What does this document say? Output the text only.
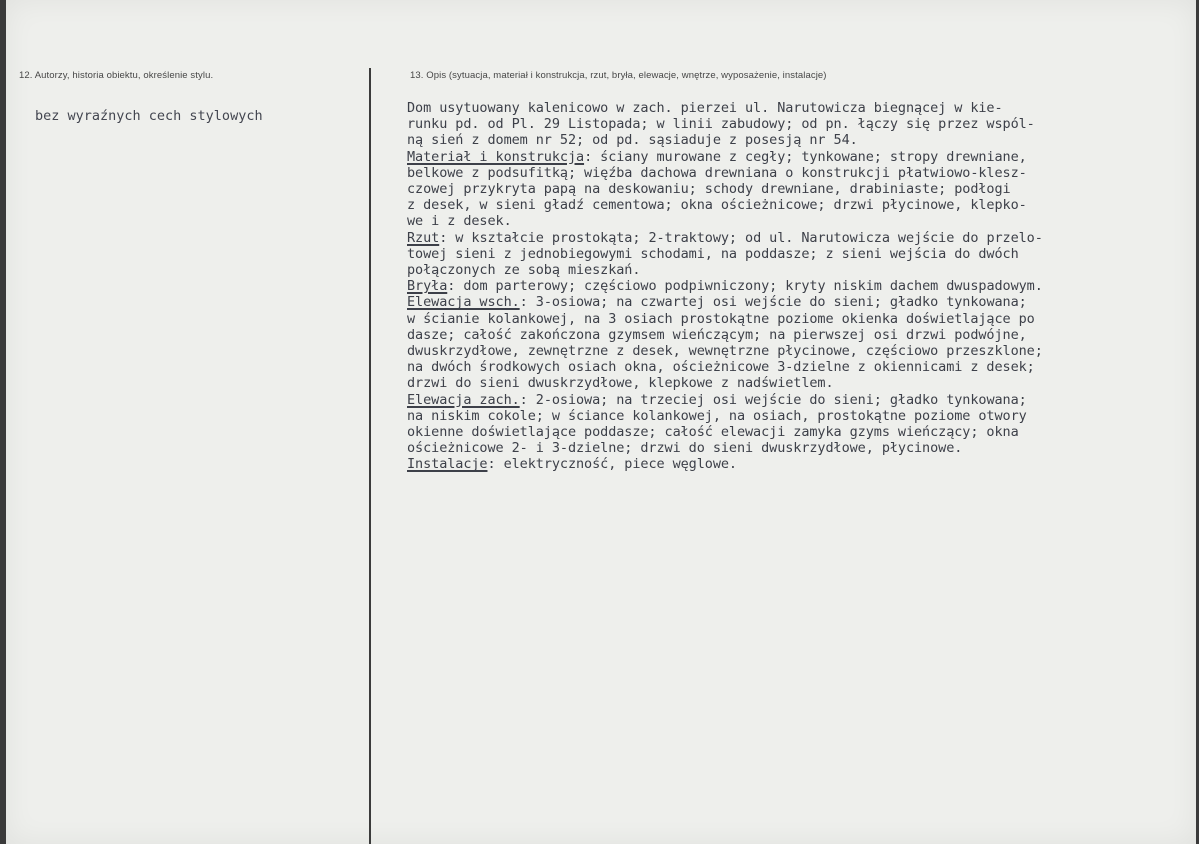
12. Autorzy, historia obiektu, określenie stylu.	13. Opis (sytuacja, materiał i konstrukcja, rzut, bryła, elewacje, wnętrze, wyposażenie, instalacje)
bez wyraźnych cech stylowych	Dom usytuowany kalenicowo w zach. pierzei ul. Narutowicza biegnącej w kie-
runku pd. od Pl. 29 Listopada; w linii zabudowy; od pn. łączy się przez wspól-
ną sień z domem nr 52; od pd. sąsiaduje z posesją nr 54.
Materiał i konstrukcja: ściany murowane z cegły; tynkowane; stropy drewniane,
belkowe z podsufitką; więźba dachowa drewniana o konstrukcji płatwiowo-klesz-
czowej przykryta papą na deskowaniu; schody drewniane, drabiniaste; podłogi
z desek, w sieni gładź cementowa; okna ościeżnicowe; drzwi płycinowe, klepko-
we i z desek.
Rzut: w kształcie prostokąta; 2-traktowy; od ul. Narutowicza wejście do przelo-
towej sieni z jednobiegowymi schodami, na poddasze; z sieni wejścia do dwóch
połączonych ze sobą mieszkań.
Bryła: dom parterowy; częściowo podpiwniczony; kryty niskim dachem dwuspadowym.
Elewacja wsch.: 3-osiowa; na czwartej osi wejście do sieni; gładko tynkowana;
w ścianie kolankowej, na 3 osiach prostokątne poziome okienka doświetlające po
dasze; całość zakończona gzymsem wieńczącym; na pierwszej osi drzwi podwójne,
dwuskrzydłowe, zewnętrzne z desek, wewnętrzne płycinowe, częściowo przeszklone;
na dwóch środkowych osiach okna, ościeżnicowe 3-dzielne z okiennicami z desek;
drzwi do sieni dwuskrzydłowe, klepkowe z nadświetlem.
Elewacja zach.: 2-osiowa; na trzeciej osi wejście do sieni; gładko tynkowana;
na niskim cokole; w ściance kolankowej, na osiach, prostokątne poziome otwory
okienne doświetlające poddasze; całość elewacji zamyka gzyms wieńczący; okna
ościeżnicowe 2- i 3-dzielne; drzwi do sieni dwuskrzydłowe, płycinowe.
Instalacje: elektryczność, piece węglowe.
